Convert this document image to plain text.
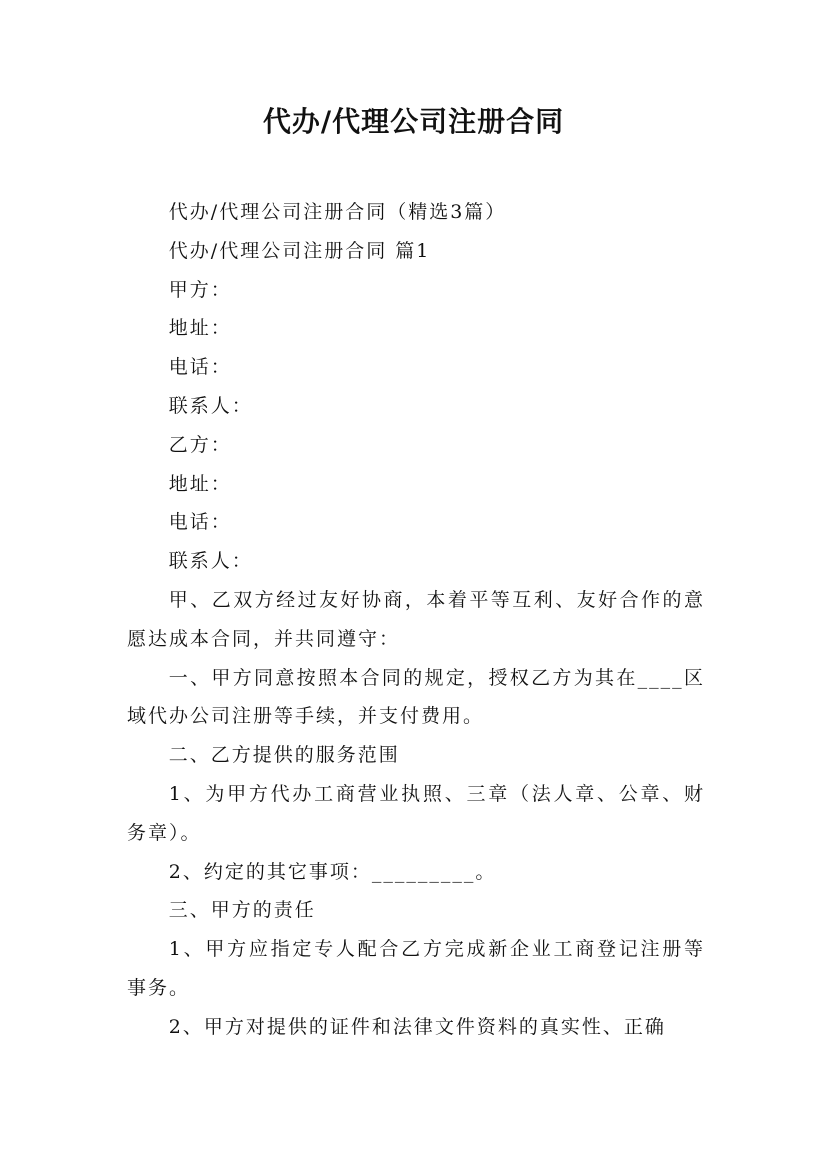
代办/代理公司注册合同

代办/代理公司注册合同（精选3篇）

代办/代理公司注册合同 篇1

甲方：

地址：

电话：

联系人：

乙方：

地址：

电话：

联系人：

甲、乙双方经过友好协商，本着平等互利、友好合作的意愿达成本合同，并共同遵守：

一、甲方同意按照本合同的规定，授权乙方为其在____区域代办公司注册等手续，并支付费用。

二、乙方提供的服务范围

1、为甲方代办工商营业执照、三章（法人章、公章、财务章）。

2、约定的其它事项：_________。

三、甲方的责任

1、甲方应指定专人配合乙方完成新企业工商登记注册等事务。

2、甲方对提供的证件和法律文件资料的真实性、正确
